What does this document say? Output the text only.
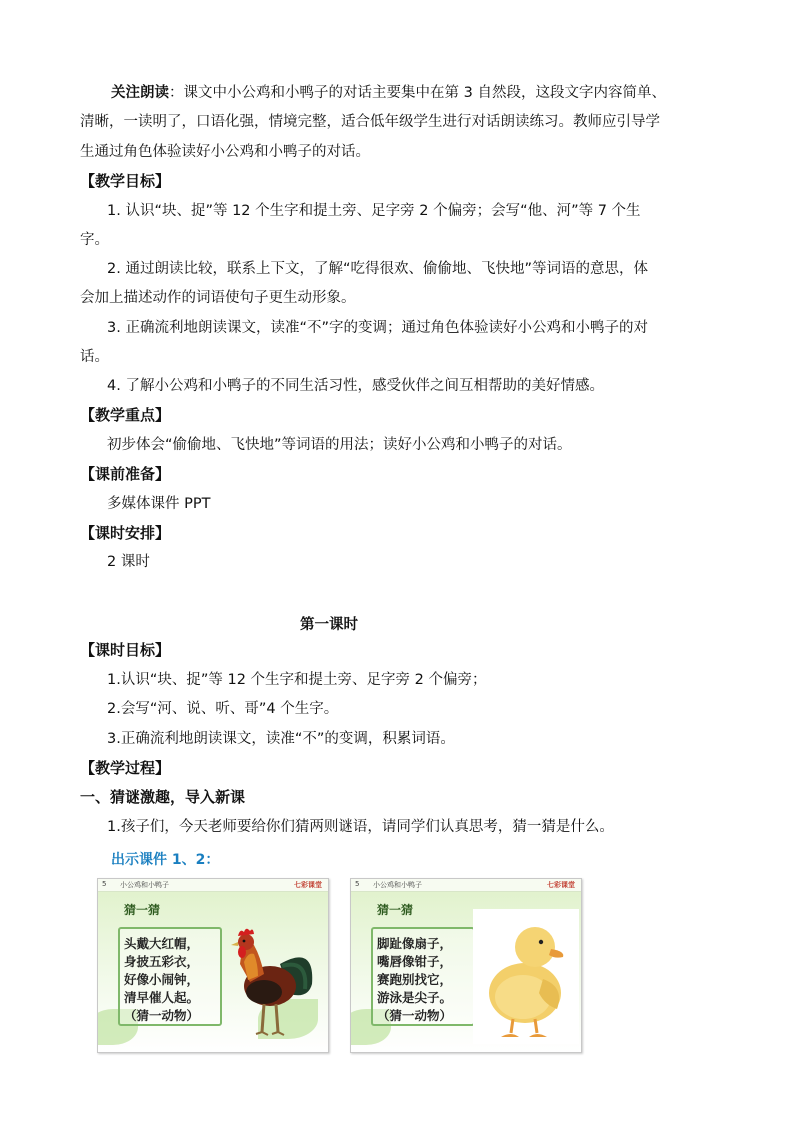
关注朗读：课文中小公鸡和小鸭子的对话主要集中在第 3 自然段，这段文字内容简单、
清晰，一读明了，口语化强，情境完整，适合低年级学生进行对话朗读练习。教师应引导学
生通过角色体验读好小公鸡和小鸭子的对话。
【教学目标】
1. 认识“块、捉”等 12 个生字和提土旁、足字旁 2 个偏旁；会写“他、河”等 7 个生
字。
2. 通过朗读比较，联系上下文，了解“吃得很欢、偷偷地、飞快地”等词语的意思，体
会加上描述动作的词语使句子更生动形象。
3. 正确流利地朗读课文，读准“不”字的变调；通过角色体验读好小公鸡和小鸭子的对
话。
4. 了解小公鸡和小鸭子的不同生活习性，感受伙伴之间互相帮助的美好情感。
【教学重点】
初步体会“偷偷地、飞快地”等词语的用法；读好小公鸡和小鸭子的对话。
【课前准备】
多媒体课件 PPT
【课时安排】
2 课时
第一课时
【课时目标】
1.认识“块、捉”等 12 个生字和提土旁、足字旁 2 个偏旁；
2.会写“河、说、听、哥”4 个生字。
3.正确流利地朗读课文，读准“不”的变调，积累词语。
【教学过程】
一、猜谜激趣，导入新课
1.孩子们，今天老师要给你们猜两则谜语，请同学们认真思考，猜一猜是什么。
出示课件 1、2：
5 小公鸡和小鸭子	七彩课堂
猜一猜
头戴大红帽，
身披五彩衣，
好像小闹钟，
清早催人起。
（猜一动物）
5 小公鸡和小鸭子	七彩课堂
猜一猜
脚趾像扇子，
嘴唇像钳子，
赛跑别找它，
游泳是尖子。
（猜一动物）
